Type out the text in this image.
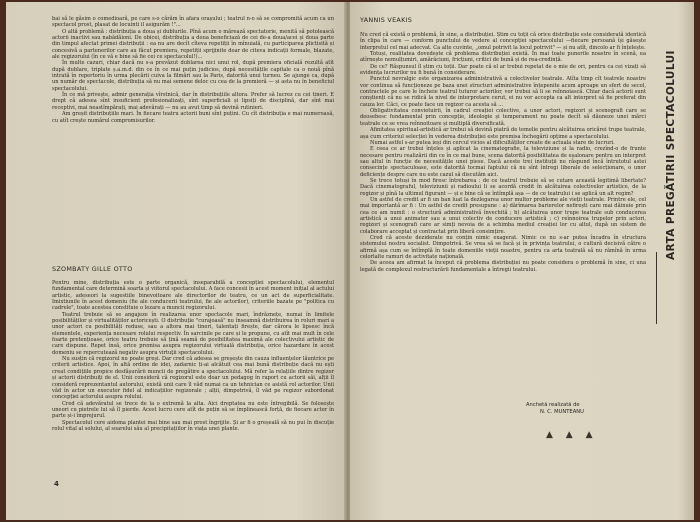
bai să le găsim o comedioară, pe care s-o cărăm în afara orașului ; teatrul n-o să se compromită acum ca un spectacol prost, plasat de locuinti il asigurăm !"...

O altă problemă : distribuția a doua și dublurile. Pînă acum o mărează spectatorie, menită să potolească actorii inactivi sau nabădăioni. De obicei, distribuția a doua beneficiază de cei de-a doua/acei și doua parte din timpul afectat primei distribuții : ea nu are decît cîteva repetiții în mînuială, cu participarea plictisită și concesivă a partenerilor care au făcut premiera, repetiții sprijinite doar de citeva indicații formale, blazate, ale regizorului (în ce vă e bine să fie cei ce spectacolul!)...

În multe cazuri, chiar dacă nu s-a prevăzut dublarea nici unui rol, după premiera oficială rezultă atît după dublare, triplate ș.a.m.d. din ce în ce mai puțin judicios, după necesitățile capitale ca o nouă pînă intrată în repertoriu în urma plecării cuiva la filmări sau la Paris, datorită unui turneu. Se ajunge ca, după un număr de spectacole, distribuția să nu mai semene deloc cu cea de la premieră — și asta nu în beneficiul spectacolului.

În ce mă privește, admir generația vîrstnică, dar în distribuțiile altora. Prefer să lucrez cu cei tineri. E drept că adesea sînt insuficient profesionalizați, sînt superficiali și lipsiți de disciplină, dar sînt mai receptivi, mai neastîmpărați, mai adevărați — nu au avut timp să devină rutinieri.

Am greșit distribuțiile mari. În fiecare teatru actorii buni sînt puțini. Cu cît distribuția e mai numeroasă, cu atît crește numărul compromisurilor.

SZOMBATY GILLE OTTO

Pentru mine, distribuția este o parte organică, inseparabilă a concepției spectacolului, elementul fundamental care determină soarta și viitorul spectacolului. A face concesii în acest moment inițial al actului artistic, adeseori la sugestiile binevoitoare ale directorilor de teatru, ce un act de superficialitate. Imixtiunile în acest domeniu (fie ale conducerii teatrului, fie ale actorilor), criteriile bazate pe "politica cu cadrele", toate acestea constituie o lezare a muncii regizorului.

Teatrul trebuie să se angajeze în realizarea unor spectacole mari, îndrăznețe, numai în limitele posibilităților și virtualităților actoricești. O distribuție "curajoasă" nu înseamnă distribuirea în roluri mari a unor actori cu posibilități reduse, sau a altora mai tineri, talentați firește, dar cărora le lipsesc încă elementele, experiența necesare rolului respectiv. În sarcinile pe care și le propune, cu atît mai mult în cele foarte pretențioase, orice teatru trebuie să țină seamă de posibilitatea maximă ale colectivului artistic de care dispune. Repet însă, orice premisa asupra regizorului virtuală distribuția, orice hazardare în acest domeniu se repercutează negativ asupra virtuţii spectacolului.

Nu susțin că regizorul nu poate greși. Dar cred că adesea se greșește din cauza influențelor lăuntrice pe criterii artistice. Apoi, în altă ordine de idei, zadarnic ți-ai alcătuit cea mai bună distribuție dacă nu ești creat condițiile propice desfășurării muncii de pregătire a spectacolului. Mă refer la relațiile dintre regizor și actorii distribuiți de el. Unii consideră că regizorul este doar un pedagog în raport cu actorii săi, alții îl consideră reprezentantul autorului, există unii care îl văd numai ca un tehnician ce asistă rol actorilor. Unii văd în actor un executor fidel al indicațiilor regizorale ; alții, dimpotrivă, îl văd pe regizor subordonat concepției actorului asupra rolului.

Cred că adevăratul se trece de la o extremă la alta. Aici dreptatea nu este întregibilă. Se folosește uneori cu pietrele lui să îl pierde. Acest lucru cere atît de puțin să se împlinească forță, de fiecare actor în parte și-i împrejurul.

Spectacolul cere aidoma plantei mai bine sau mai prost îngrijite. Și ar fi o greșeală să nu pui în discuție rolul vital al solului, al soarelui său al precipitațiilor în viața unei plante.

4
YANNIS VEAKIS

Nu cred că există o problemă, în sine, a distribuției. Știm cu toții că orice distribuție este considerată identică în clipa în care — conform punctului de vedere al concepției spectacolului —fiecare persoană își găsește interpretul cel mai adecvat. Ca alte cuvinte, „omul potrivit la locul potrivit" — și nu atît, dincolo ar fi înțelește.

Totuși, realitatea dovedește că problema distribuției există. În mai toate punerile noastre în scenă, ea atîrnește nemulțumiri, amărăciuni, fricțiuni, critici de bună și de rea-credință.

De ce? Răspunsul îl știm cu toții. Dar poate că el ar trebui repetat de o mie de ori, pentru ca cei vizați să evidența lucrurilor nu fi bună în considerare.

Punctul nevralgic este organizarea administrativă a colectivelor teatrale. Atîta timp cît teatrele noastre vor continua să funcționeze pe baza unei structuri administrative înțepenite acum aproape un sfert de secol, contractele pe care le încheie teatrul tuturor actorilor, vor trebui să li se reînnoiască. Chiar dacă actorii sunt conștienți că nu se ridică la nivel de interpretare cerut, ei nu vor accepta ca alt interpret să fie preferat din cauza lor. Căci, ce poate face un regizor ca acesta să ...

Obligativitatea convietuirii, în cadrul creației colective, a unor actori, regizori și scenografi care se deosebesc fundamental prin concepție, ideologie și temperament nu poate decît să dăuneze unei mărci teatrale ce se vrea reînnoitoare și multiplă diversificată.

Afinitatea spiritual-artistică ar trebui să devină piatră de temelie pentru alcătuirea oricărei trupe teatrale, așa cum criteriul selecției în vederea distribuției este premisa închegării opțime a spectacolului.

Numai astfel s-ar putea ieși din cercul vicios al dificultăților create de actuala stare de lucruri.

E ceea ce ar trebui înțeles și aplicat la cinematografie, la televiziune și la radio, crezînd-o de frunte necesare pentru realizării din ce în ce mai bune, scena datorită posibilitatea de eșalonare pentru un interpret sau altul în funcție de necesitățile unei piese. Dacă aceste trei instituții nu răspund încă întrutotul astei consecințe spectaculoase, este datorită tocmai faptului că nu sînt întregi liberale de selecționare, o unor deficiențe despre care nu este cazul să discutăm aici.

Se trece totuși în mod firesc întrebarea : de ce teatrul trebuie să se cutare această legitimă libertate? Dacă cinematograful, televiziunii și radioului li se acordă credit în alcătuirea colectivelor artistice, de la regizor și pînă la ultimul figurant — și e bine că se întîmplă așa — de ce teatrului i se aplică un alt regim?

Un astfel de credit ar fi un ban luat la dezlegarea unor multor probleme ale vieții teatrale. Printre ele, cel mai importantă ar fi : Un astfel de credit presupune : a) dărîmarea barierelor nefirești care mai dăinuie prin cea ce am numit : o structură administrativă învechită ; b) alcătuirea unor trupe teatrale sub conducerea artistică a unui animator sau a unui colectiv de conducere artistică ; c) reînnoirea trupelor prin actori, regizori și scenografi care ar simți nevoia de a schimba mediul creației lor cu altul, după un sistem de colaborare acceptat și contractat prin liberă consimțire.

Cred că aceste deziderate nu conțin nimic exagerat. Nimic ce nu s-ar putea încadra în structura sistemului nostru socialist. Dimpotrivă. Se vrea să se facă și în privința teatrului, o cultură decisivă către o afirmă așa cum se întîmplă în toate domeniile vieții noastre, pentru ca arta teatrală să nu rămînă în urma celorlalte ramuri de activitate națională.

De aceea am afirmat la început că problema distribuției nu poate considera o problemă în sine, ci una legată de complexul restructurării fundamentale a întregii teatrului.

ARTA PREGĂTIRII SPECTACOLULUI
Anchetă realizată de
N. C. MUNTEANU
▲ ▲ ▲
